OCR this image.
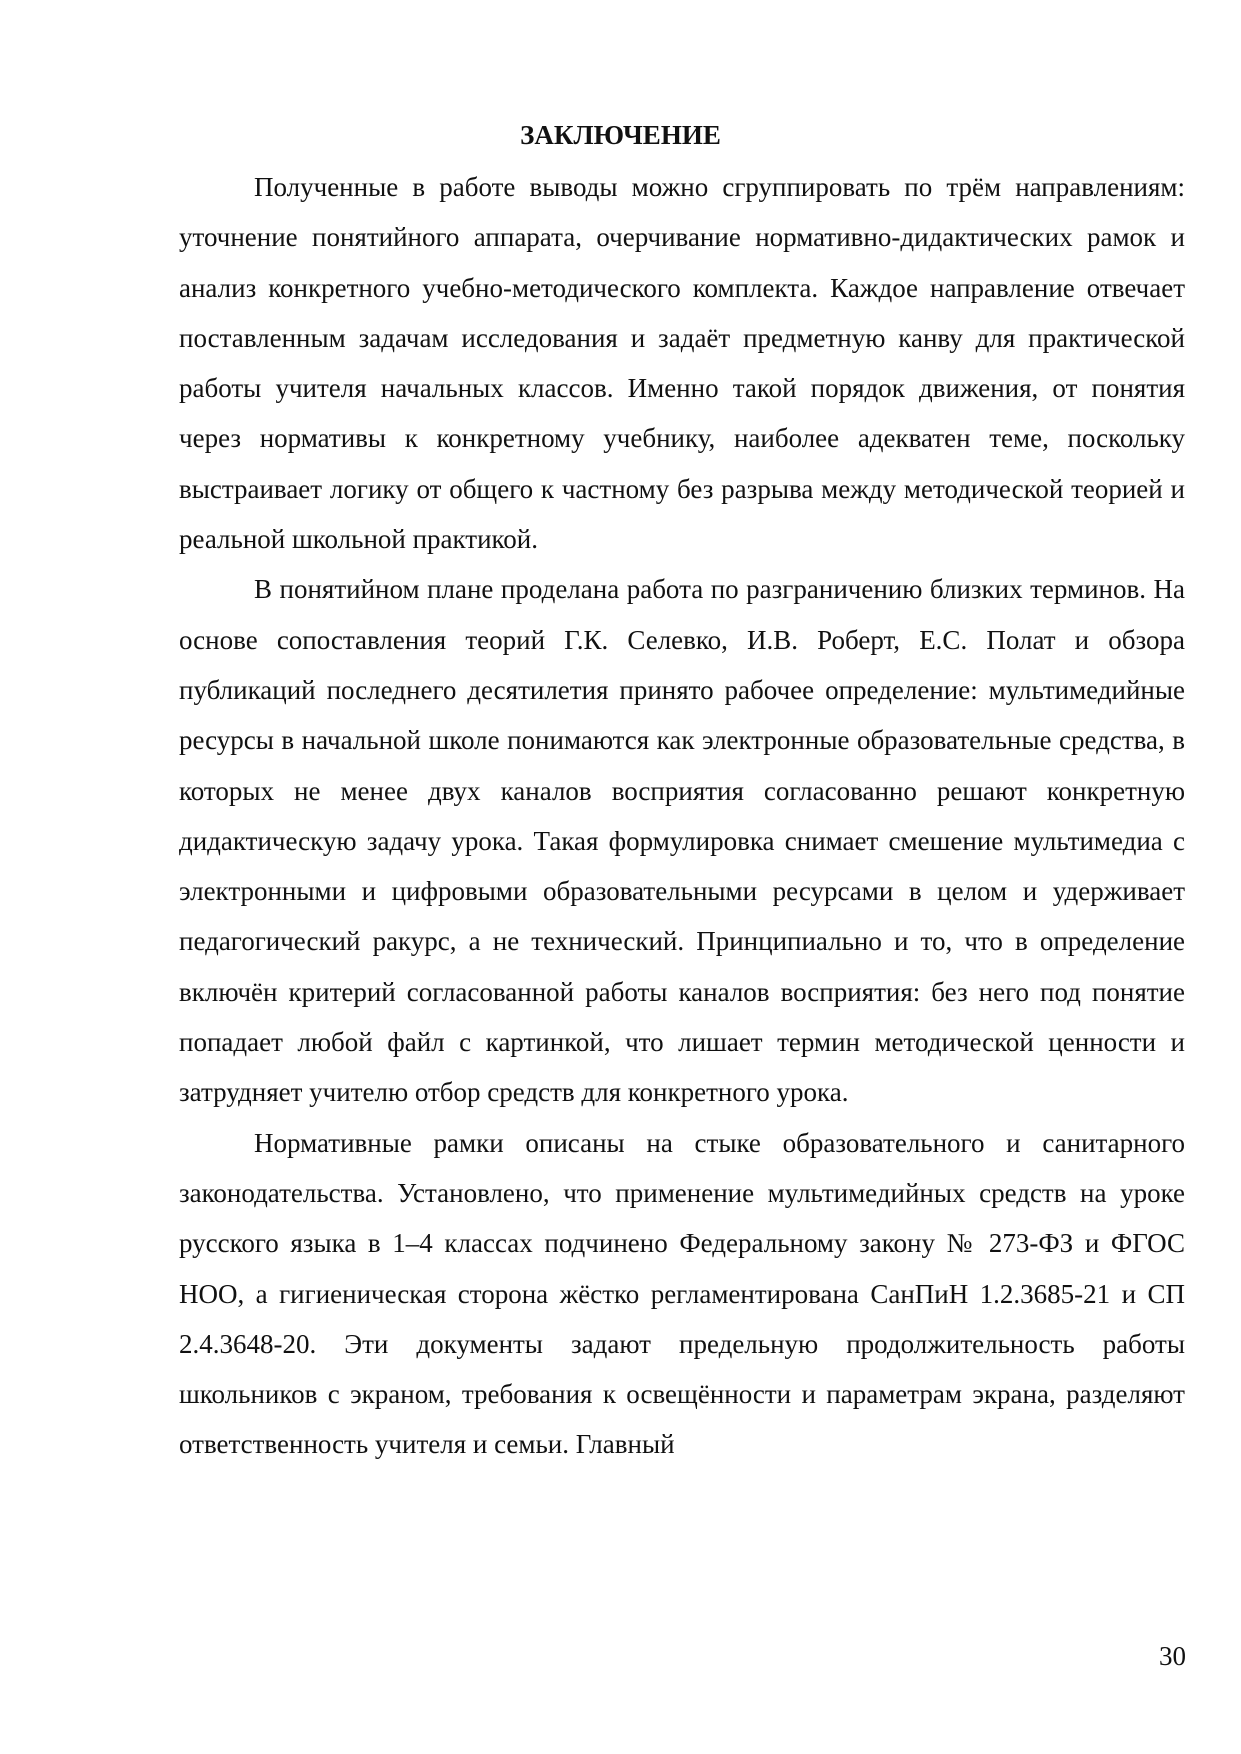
ЗАКЛЮЧЕНИЕ

Полученные в работе выводы можно сгруппировать по трём направлениям: уточнение понятийного аппарата, очерчивание нормативно-дидактических рамок и анализ конкретного учебно-методического комплекта. Каждое направление отвечает поставленным задачам исследования и задаёт предметную канву для практической работы учителя начальных классов. Именно такой порядок движения, от понятия через нормативы к конкретному учебнику, наиболее адекватен теме, поскольку выстраивает логику от общего к частному без разрыва между методической теорией и реальной школьной практикой.

В понятийном плане проделана работа по разграничению близких терминов. На основе сопоставления теорий Г.К. Селевко, И.В. Роберт, Е.С. Полат и обзора публикаций последнего десятилетия принято рабочее определение: мультимедийные ресурсы в начальной школе понимаются как электронные образовательные средства, в которых не менее двух каналов восприятия согласованно решают конкретную дидактическую задачу урока. Такая формулировка снимает смешение мультимедиа с электронными и цифровыми образовательными ресурсами в целом и удерживает педагогический ракурс, а не технический. Принципиально и то, что в определение включён критерий согласованной работы каналов восприятия: без него под понятие попадает любой файл с картинкой, что лишает термин методической ценности и затрудняет учителю отбор средств для конкретного урока.

Нормативные рамки описаны на стыке образовательного и санитарного законодательства. Установлено, что применение мультимедийных средств на уроке русского языка в 1–4 классах подчинено Федеральному закону № 273-ФЗ и ФГОС НОО, а гигиеническая сторона жёстко регламентирована СанПиН 1.2.3685-21 и СП 2.4.3648-20. Эти документы задают предельную продолжительность работы школьников с экраном, требования к освещённости и параметрам экрана, разделяют ответственность учителя и семьи. Главный

30
